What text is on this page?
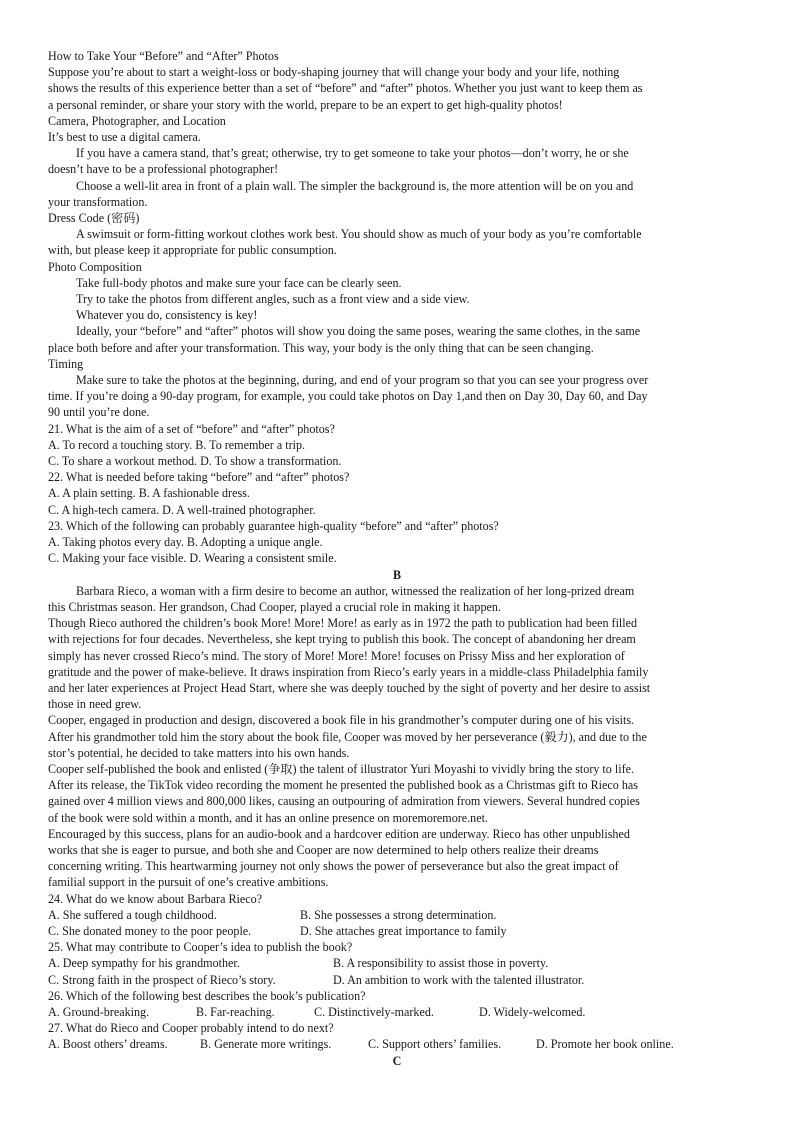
How to Take Your “Before” and “After” Photos
Suppose you’re about to start a weight-loss or body-shaping journey that will change your body and your life, nothing
shows the results of this experience better than a set of “before” and “after” photos. Whether you just want to keep them as
a personal reminder, or share your story with the world, prepare to be an expert to get high-quality photos!
Camera, Photographer, and Location
It’s best to use a digital camera.
If you have a camera stand, that’s great; otherwise, try to get someone to take your photos—don’t worry, he or she
doesn’t have to be a professional photographer!
Choose a well-lit area in front of a plain wall. The simpler the background is, the more attention will be on you and
your transformation.
Dress Code (密码)
A swimsuit or form-fitting workout clothes work best. You should show as much of your body as you’re comfortable
with, but please keep it appropriate for public consumption.
Photo Composition
Take full-body photos and make sure your face can be clearly seen.
Try to take the photos from different angles, such as a front view and a side view.
Whatever you do, consistency is key!
Ideally, your “before” and “after” photos will show you doing the same poses, wearing the same clothes, in the same
place both before and after your transformation. This way, your body is the only thing that can be seen changing.
Timing
Make sure to take the photos at the beginning, during, and end of your program so that you can see your progress over
time. If you’re doing a 90-day program, for example, you could take photos on Day 1,and then on Day 30, Day 60, and Day
90 until you’re done.
21. What is the aim of a set of “before” and “after” photos?
A. To record a touching story. B. To remember a trip.
C. To share a workout method. D. To show a transformation.
22. What is needed before taking “before” and “after” photos?
A. A plain setting. B. A fashionable dress.
C. A high-tech camera. D. A well-trained photographer.
23. Which of the following can probably guarantee high-quality “before” and “after” photos?
A. Taking photos every day. B. Adopting a unique angle.
C. Making your face visible. D. Wearing a consistent smile.
B
Barbara Rieco, a woman with a firm desire to become an author, witnessed the realization of her long-prized dream
this Christmas season. Her grandson, Chad Cooper, played a crucial role in making it happen.
Though Rieco authored the children’s book More! More! More! as early as in 1972 the path to publication had been filled
with rejections for four decades. Nevertheless, she kept trying to publish this book. The concept of abandoning her dream
simply has never crossed Rieco’s mind. The story of More! More! More! focuses on Prissy Miss and her exploration of
gratitude and the power of make-believe. It draws inspiration from Rieco’s early years in a middle-class Philadelphia family
and her later experiences at Project Head Start, where she was deeply touched by the sight of poverty and her desire to assist
those in need grew.
Cooper, engaged in production and design, discovered a book file in his grandmother’s computer during one of his visits.
After his grandmother told him the story about the book file, Cooper was moved by her perseverance (毅力), and due to the
stor’s potential, he decided to take matters into his own hands.
Cooper self-published the book and enlisted (争取) the talent of illustrator Yuri Moyashi to vividly bring the story to life.
After its release, the TikTok video recording the moment he presented the published book as a Christmas gift to Rieco has
gained over 4 million views and 800,000 likes, causing an outpouring of admiration from viewers. Several hundred copies
of the book were sold within a month, and it has an online presence on moremoremore.net.
Encouraged by this success, plans for an audio-book and a hardcover edition are underway. Rieco has other unpublished
works that she is eager to pursue, and both she and Cooper are now determined to help others realize their dreams
concerning writing. This heartwarming journey not only shows the power of perseverance but also the great impact of
familial support in the pursuit of one’s creative ambitions.
24. What do we know about Barbara Rieco?
A. She suffered a tough childhood.	B. She possesses a strong determination.
C. She donated money to the poor people.	D. She attaches great importance to family
25. What may contribute to Cooper’s idea to publish the book?
A. Deep sympathy for his grandmother.	B. A responsibility to assist those in poverty.
C. Strong faith in the prospect of Rieco’s story.	D. An ambition to work with the talented illustrator.
26. Which of the following best describes the book’s publication?
A. Ground-breaking.	B. Far-reaching.	C. Distinctively-marked.	D. Widely-welcomed.
27. What do Rieco and Cooper probably intend to do next?
A. Boost others’ dreams.	B. Generate more writings.	C. Support others’ families.	D. Promote her book online.
C
